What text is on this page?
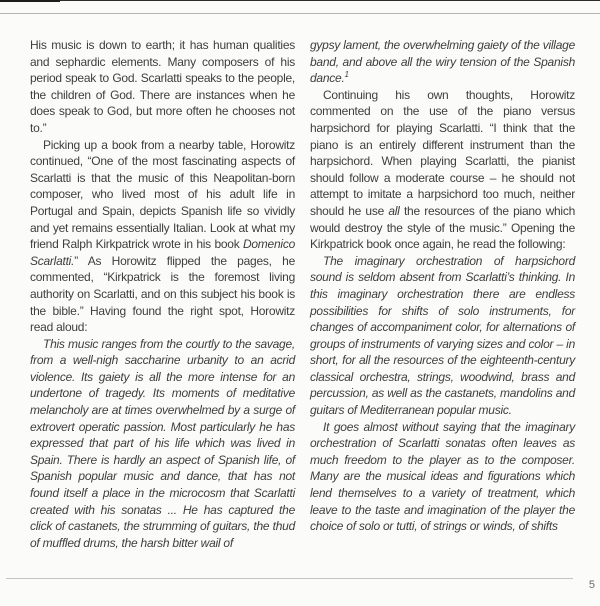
His music is down to earth; it has human qualities and sephardic elements. Many composers of his period speak to God. Scarlatti speaks to the people, the children of God. There are instances when he does speak to God, but more often he chooses not to.”

Picking up a book from a nearby table, Horowitz continued, “One of the most fascinating aspects of Scarlatti is that the music of this Neapolitan-born composer, who lived most of his adult life in Portugal and Spain, depicts Spanish life so vividly and yet remains essentially Italian. Look at what my friend Ralph Kirkpatrick wrote in his book Domenico Scarlatti.” As Horowitz flipped the pages, he commented, “Kirkpatrick is the foremost living authority on Scarlatti, and on this subject his book is the bible.” Having found the right spot, Horowitz read aloud:

This music ranges from the courtly to the savage, from a well-nigh saccharine urbanity to an acrid violence. Its gaiety is all the more intense for an undertone of tragedy. Its moments of meditative melancholy are at times overwhelmed by a surge of extrovert operatic passion. Most particularly he has expressed that part of his life which was lived in Spain. There is hardly an aspect of Spanish life, of Spanish popular music and dance, that has not found itself a place in the microcosm that Scarlatti created with his sonatas ... He has captured the click of castanets, the strumming of guitars, the thud of muffled drums, the harsh bitter wail of

gypsy lament, the overwhelming gaiety of the village band, and above all the wiry tension of the Spanish dance.$^1$

Continuing his own thoughts, Horowitz commented on the use of the piano versus harpsichord for playing Scarlatti. “I think that the piano is an entirely different instrument than the harpsichord. When playing Scarlatti, the pianist should follow a moderate course – he should not attempt to imitate a harpsichord too much, neither should he use all the resources of the piano which would destroy the style of the music.” Opening the Kirkpatrick book once again, he read the following:

The imaginary orchestration of harpsichord sound is seldom absent from Scarlatti’s thinking. In this imaginary orchestration there are endless possibilities for shifts of solo instruments, for changes of accompaniment color, for alternations of groups of instruments of varying sizes and color – in short, for all the resources of the eighteenth-century classical orchestra, strings, woodwind, brass and percussion, as well as the castanets, mandolins and guitars of Mediterranean popular music.

It goes almost without saying that the imaginary orchestration of Scarlatti sonatas often leaves as much freedom to the player as to the composer. Many are the musical ideas and figurations which lend themselves to a variety of treatment, which leave to the taste and imagination of the player the choice of solo or tutti, of strings or winds, of shifts

5
